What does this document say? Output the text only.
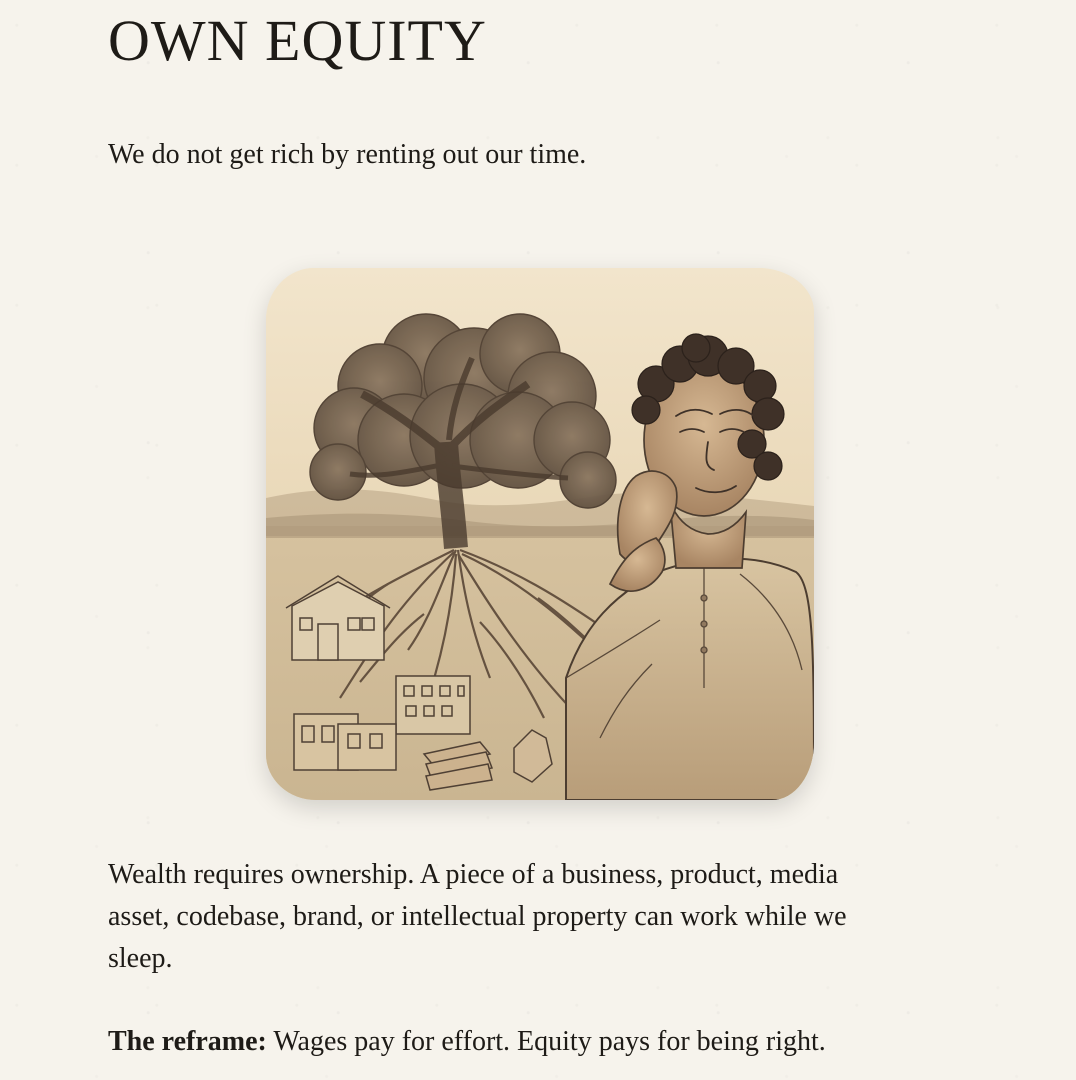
OWN EQUITY

We do not get rich by renting out our time.

Wealth requires ownership. A piece of a business, product, media asset, codebase, brand, or intellectual property can work while we sleep.

The reframe: Wages pay for effort. Equity pays for being right.
